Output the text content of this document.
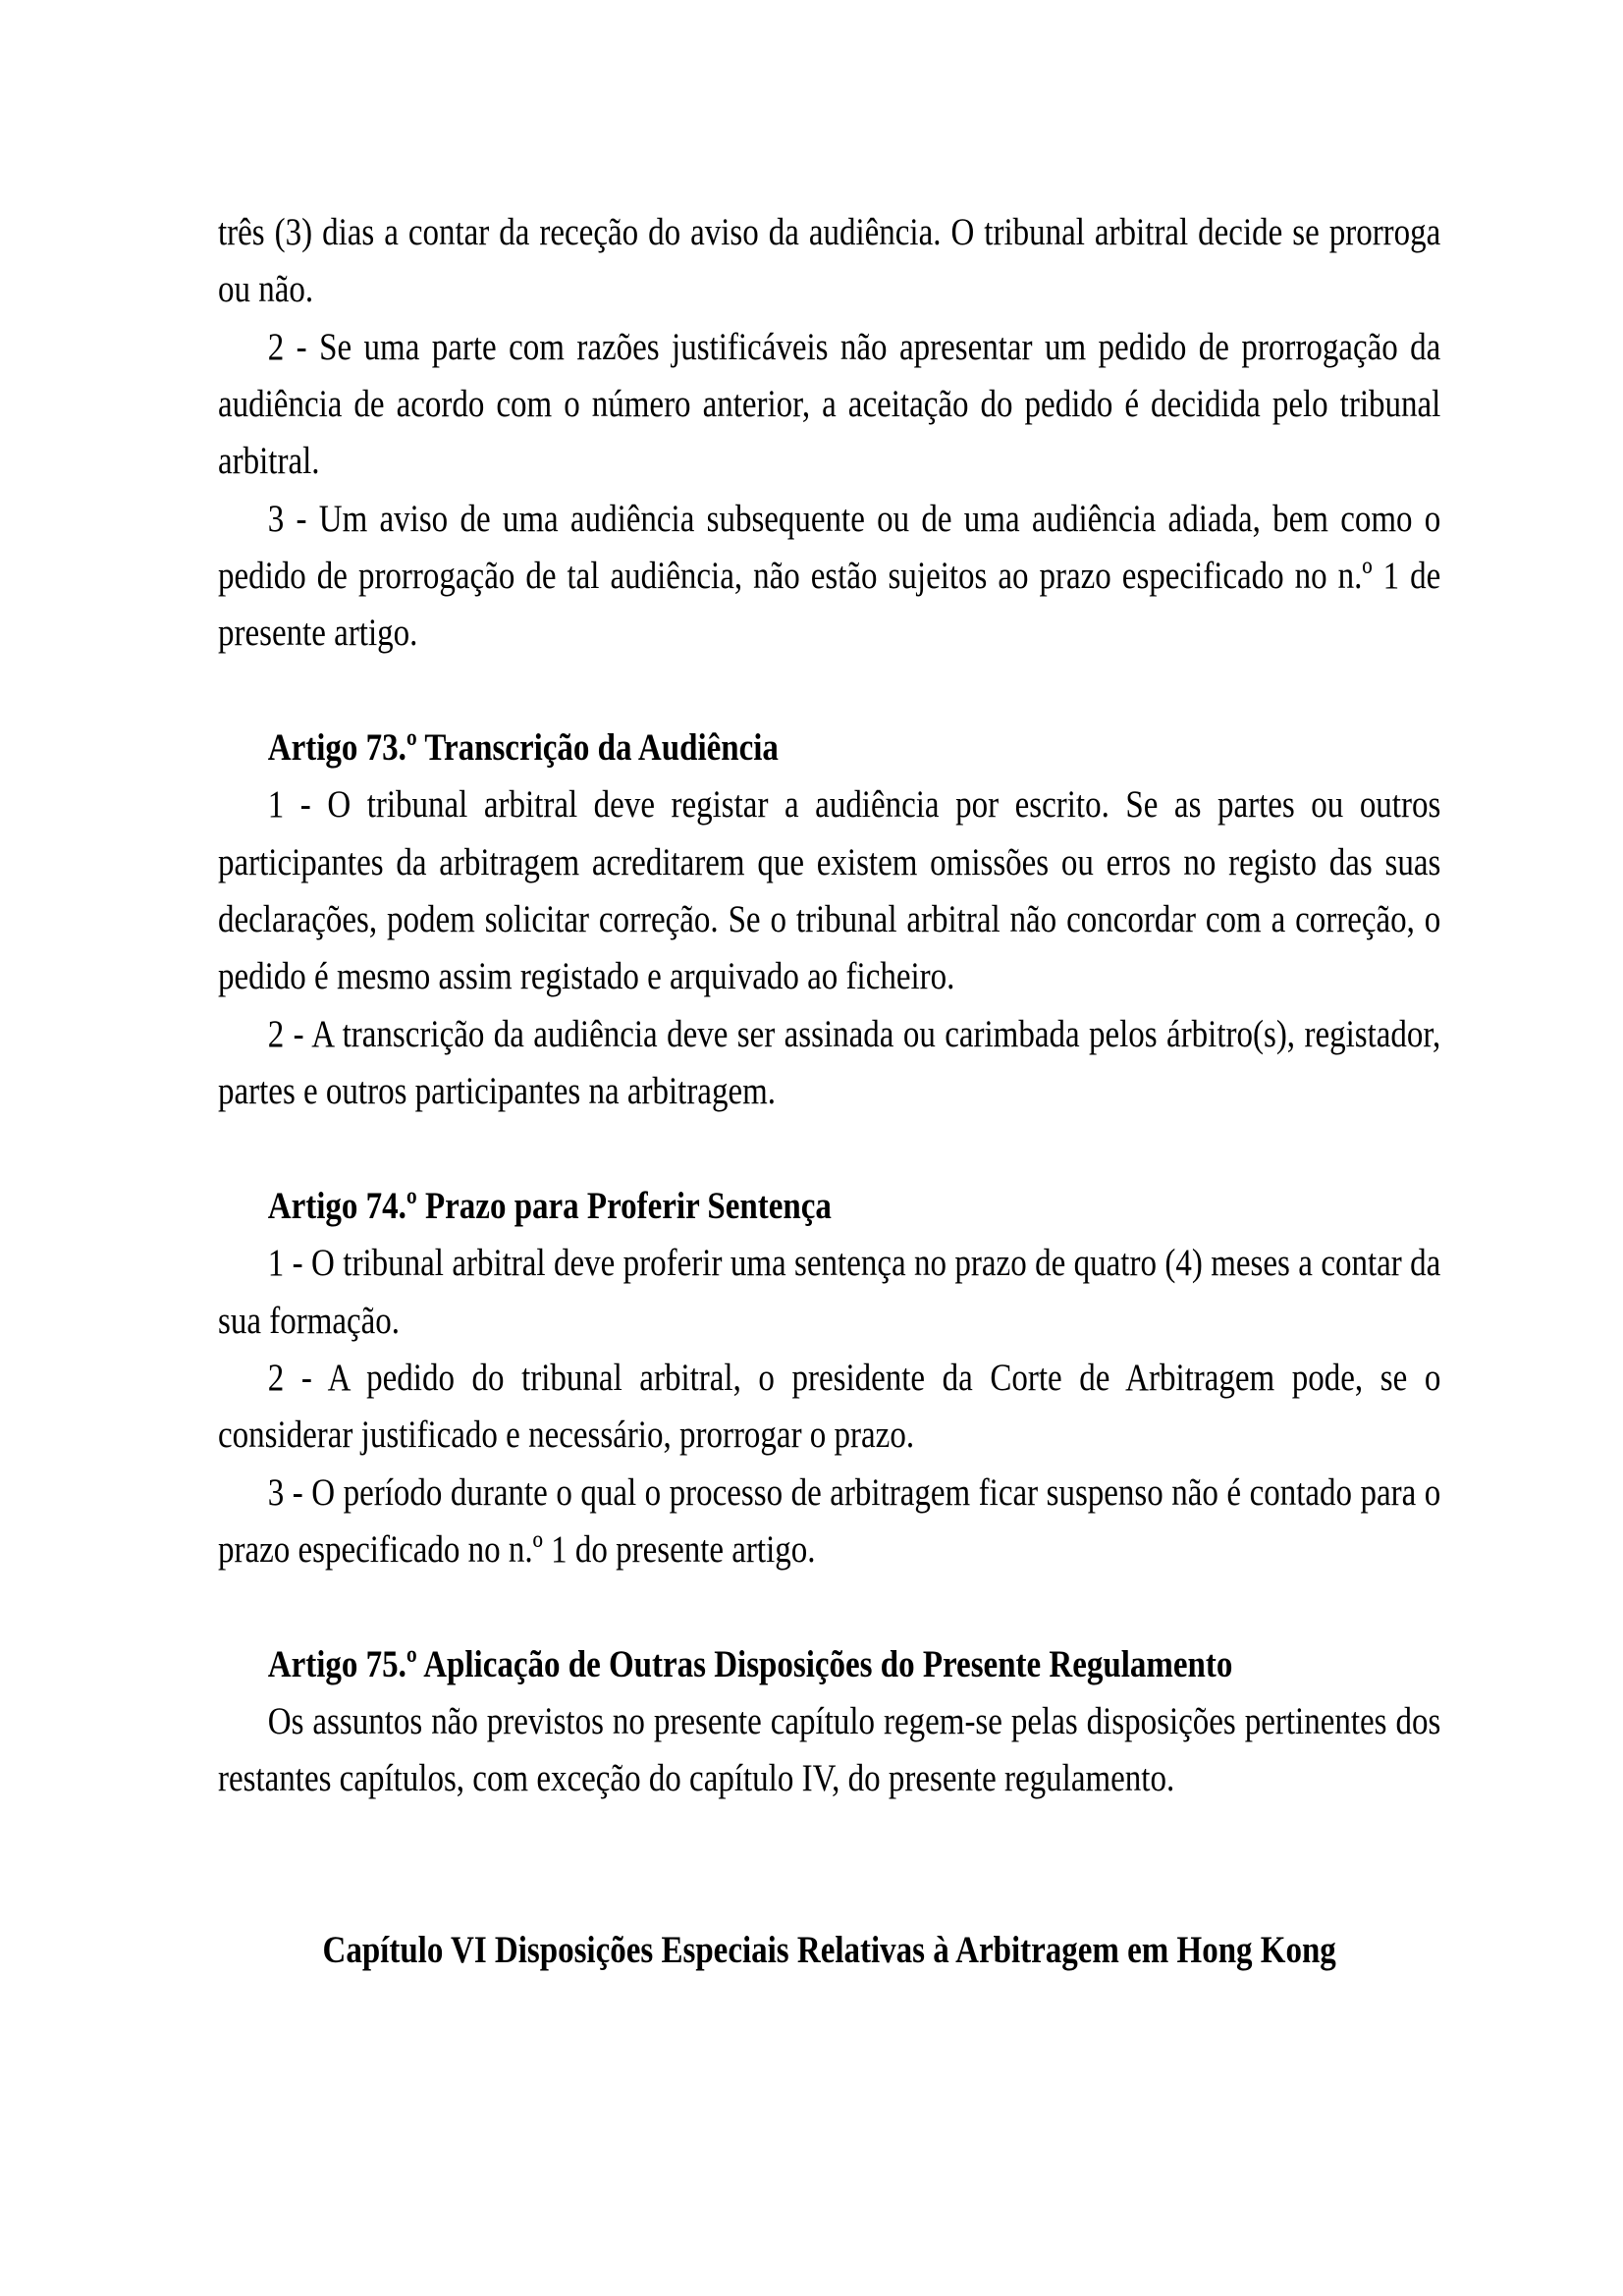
três (3) dias a contar da receção do aviso da audiência. O tribunal arbitral decide se prorroga ou não.

2 - Se uma parte com razões justificáveis não apresentar um pedido de prorrogação da audiência de acordo com o número anterior, a aceitação do pedido é decidida pelo tribunal arbitral.

3 - Um aviso de uma audiência subsequente ou de uma audiência adiada, bem como o pedido de prorrogação de tal audiência, não estão sujeitos ao prazo especificado no n.º 1 de presente artigo.

Artigo 73.º Transcrição da Audiência

1 - O tribunal arbitral deve registar a audiência por escrito. Se as partes ou outros participantes da arbitragem acreditarem que existem omissões ou erros no registo das suas declarações, podem solicitar correção. Se o tribunal arbitral não concordar com a correção, o pedido é mesmo assim registado e arquivado ao ficheiro.

2 - A transcrição da audiência deve ser assinada ou carimbada pelos árbitro(s), registador, partes e outros participantes na arbitragem.

Artigo 74.º Prazo para Proferir Sentença

1 - O tribunal arbitral deve proferir uma sentença no prazo de quatro (4) meses a contar da sua formação.

2 - A pedido do tribunal arbitral, o presidente da Corte de Arbitragem pode, se o considerar justificado e necessário, prorrogar o prazo.

3 - O período durante o qual o processo de arbitragem ficar suspenso não é contado para o prazo especificado no n.º 1 do presente artigo.

Artigo 75.º Aplicação de Outras Disposições do Presente Regulamento

Os assuntos não previstos no presente capítulo regem-se pelas disposições pertinentes dos restantes capítulos, com exceção do capítulo IV, do presente regulamento.

Capítulo VI Disposições Especiais Relativas à Arbitragem em Hong Kong
